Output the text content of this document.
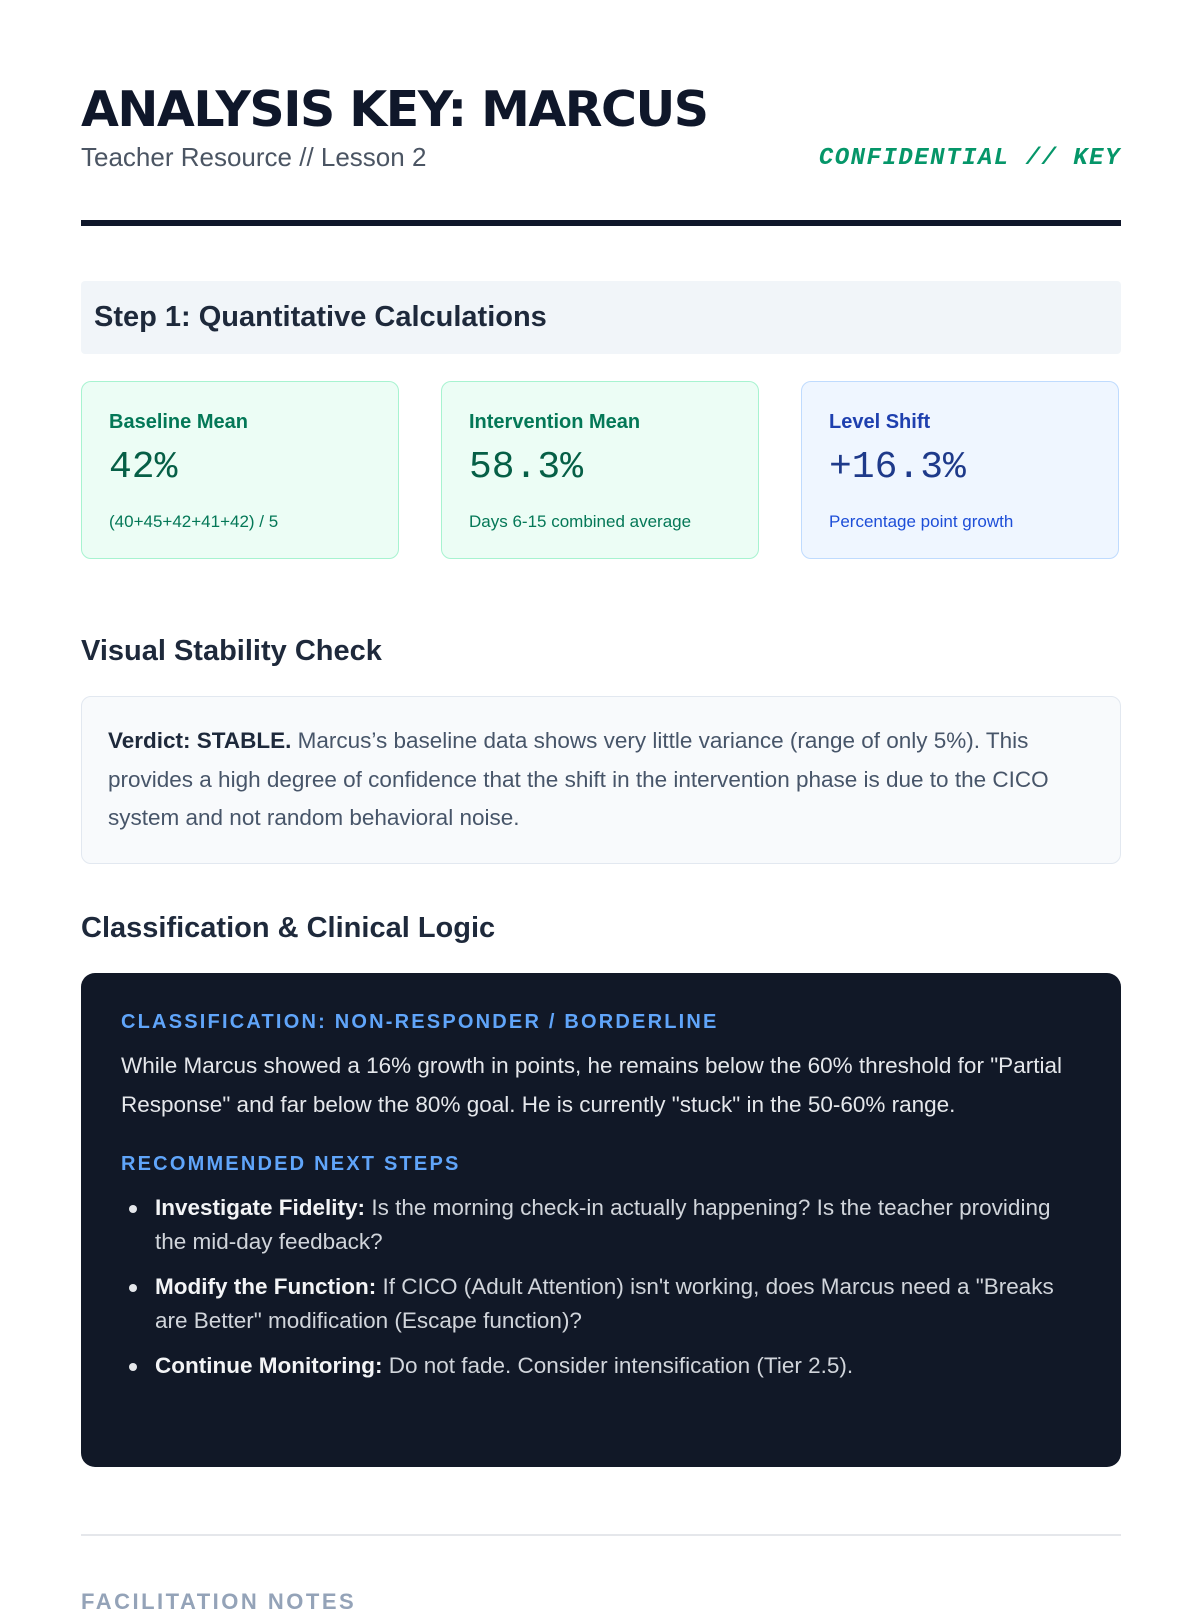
ANALYSIS KEY: MARCUS
Teacher Resource // Lesson 2	CONFIDENTIAL // KEY
Step 1: Quantitative Calculations
Baseline Mean
42%
(40+45+42+41+42) / 5
Intervention Mean
58.3%
Days 6-15 combined average
Level Shift
+16.3%
Percentage point growth
Visual Stability Check
Verdict: STABLE. Marcus’s baseline data shows very little variance (range of only 5%). This provides a high degree of confidence that the shift in the intervention phase is due to the CICO system and not random behavioral noise.
Classification & Clinical Logic

CLASSIFICATION: NON-RESPONDER / BORDERLINE

While Marcus showed a 16% growth in points, he remains below the 60% threshold for "Partial Response" and far below the 80% goal. He is currently "stuck" in the 50-60% range.

RECOMMENDED NEXT STEPS

Investigate Fidelity: Is the morning check-in actually happening? Is the teacher providing the mid-day feedback?
Modify the Function: If CICO (Adult Attention) isn't working, does Marcus need a "Breaks are Better" modification (Escape function)?
Continue Monitoring: Do not fade. Consider intensification (Tier 2.5).

FACILITATION NOTES
